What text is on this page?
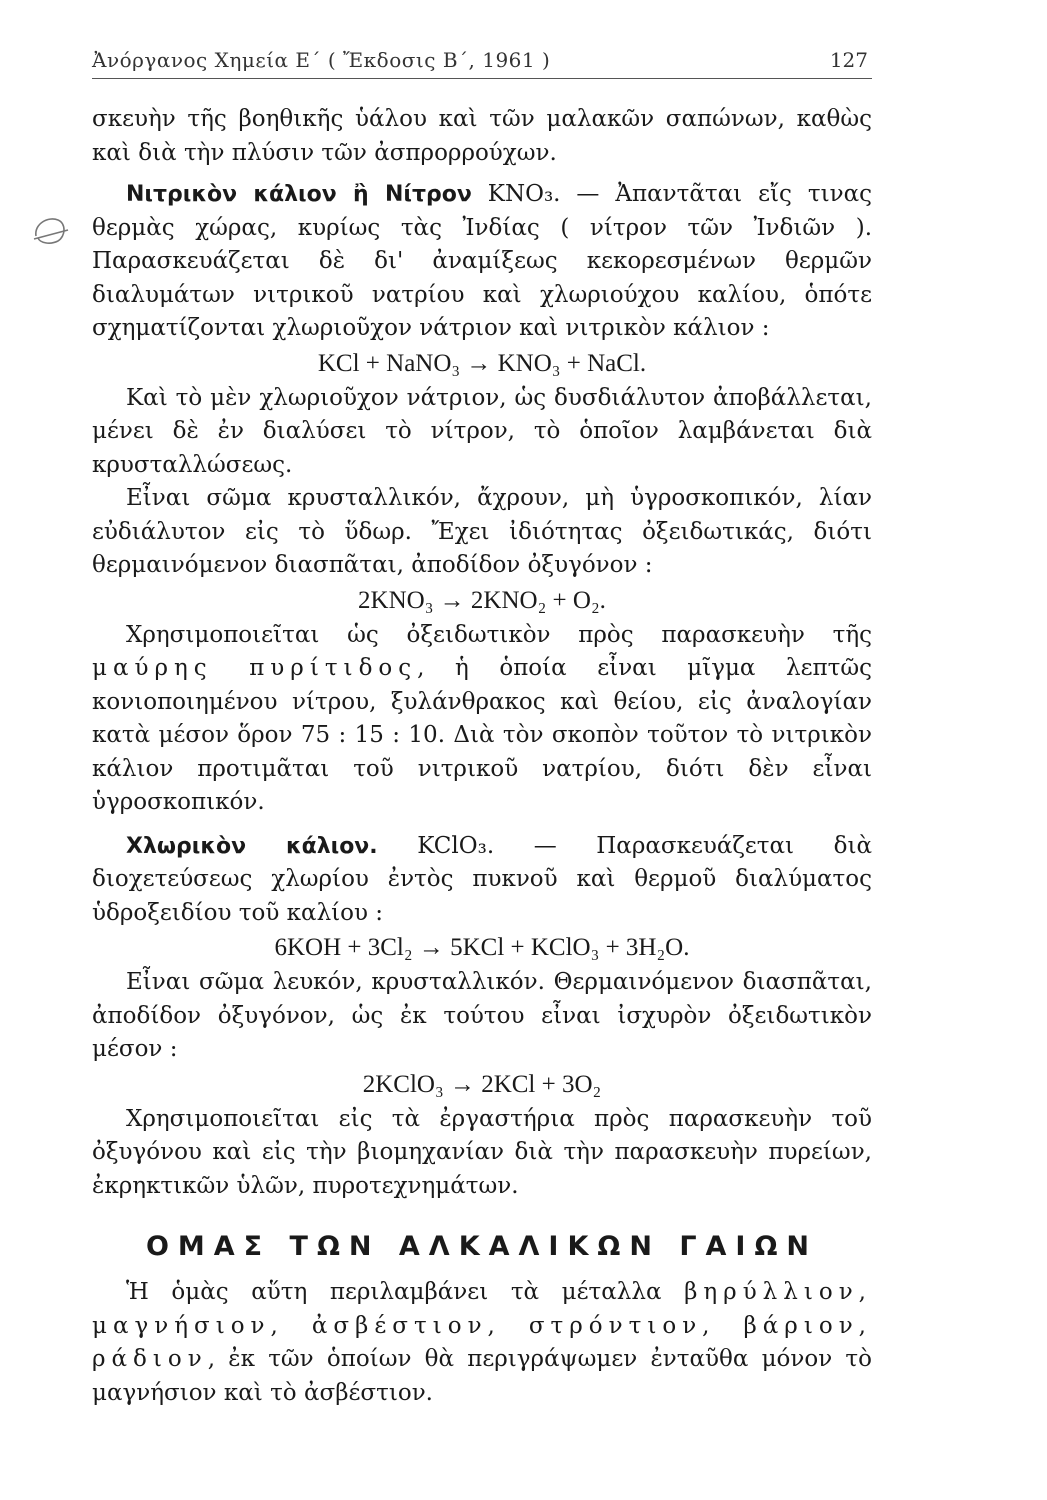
Ἀνόργανος Χημεία Ε΄ ( Ἔκδοσις Β΄, 1961 )	127

σκευὴν τῆς βοηθικῆς ὑάλου καὶ τῶν μαλακῶν σαπώνων, καθὼς καὶ διὰ τὴν πλύσιν τῶν ἀσπρορρούχων.

Νιτρικὸν κάλιον ἢ Νίτρον KNO₃. — Ἀπαντᾶται εἴς τινας θερμὰς χώρας, κυρίως τὰς Ἰνδίας ( νίτρον τῶν Ἰνδιῶν ). Παρασκευάζεται δὲ δι' ἀναμίξεως κεκορεσμένων θερμῶν διαλυμάτων νιτρικοῦ νατρίου καὶ χλωριούχου καλίου, ὁπότε σχηματίζονται χλωριοῦχον νάτριον καὶ νιτρικὸν κάλιον :

KCl + NaNO₃ → KNO₃ + NaCl.

Καὶ τὸ μὲν χλωριοῦχον νάτριον, ὡς δυσδιάλυτον ἀποβάλλεται, μένει δὲ ἐν διαλύσει τὸ νίτρον, τὸ ὁποῖον λαμβάνεται διὰ κρυσταλλώσεως.

Εἶναι σῶμα κρυσταλλικόν, ἄχρουν, μὴ ὑγροσκοπικόν, λίαν εὐδιάλυτον εἰς τὸ ὕδωρ. Ἔχει ἰδιότητας ὀξειδωτικάς, διότι θερμαινόμενον διασπᾶται, ἀποδίδον ὀξυγόνον :

2KNO₃ → 2KNO₂ + O₂.

Χρησιμοποιεῖται ὡς ὀξειδωτικὸν πρὸς παρασκευὴν τῆς μαύρης πυρίτιδος, ἡ ὁποία εἶναι μῖγμα λεπτῶς κονιοποιημένου νίτρου, ξυλάνθρακος καὶ θείου, εἰς ἀναλογίαν κατὰ μέσον ὅρον 75 : 15 : 10. Διὰ τὸν σκοπὸν τοῦτον τὸ νιτρικὸν κάλιον προτιμᾶται τοῦ νιτρικοῦ νατρίου, διότι δὲν εἶναι ὑγροσκοπικόν.

Χλωρικὸν κάλιον. KClO₃. — Παρασκευάζεται διὰ διοχετεύσεως χλωρίου ἐντὸς πυκνοῦ καὶ θερμοῦ διαλύματος ὑδροξειδίου τοῦ καλίου :

6KOH + 3Cl₂ → 5KCl + KClO₃ + 3H₂O.

Εἶναι σῶμα λευκόν, κρυσταλλικόν. Θερμαινόμενον διασπᾶται, ἀποδίδον ὀξυγόνον, ὡς ἐκ τούτου εἶναι ἰσχυρὸν ὀξειδωτικὸν μέσον :

2KClO₃ → 2KCl + 3O₂

Χρησιμοποιεῖται εἰς τὰ ἐργαστήρια πρὸς παρασκευὴν τοῦ ὀξυγόνου καὶ εἰς τὴν βιομηχανίαν διὰ τὴν παρασκευὴν πυρείων, ἐκρηκτικῶν ὑλῶν, πυροτεχνημάτων.

ΟΜΑΣ ΤΩΝ ΑΛΚΑΛΙΚΩΝ ΓΑΙΩΝ

Ἡ ὁμὰς αὕτη περιλαμβάνει τὰ μέταλλα βηρύλλιον, μαγνήσιον, ἀσβέστιον, στρόντιον, βάριον, ράδιον, ἐκ τῶν ὁποίων θὰ περιγράψωμεν ἐνταῦθα μόνον τὸ μαγνήσιον καὶ τὸ ἀσβέστιον.
